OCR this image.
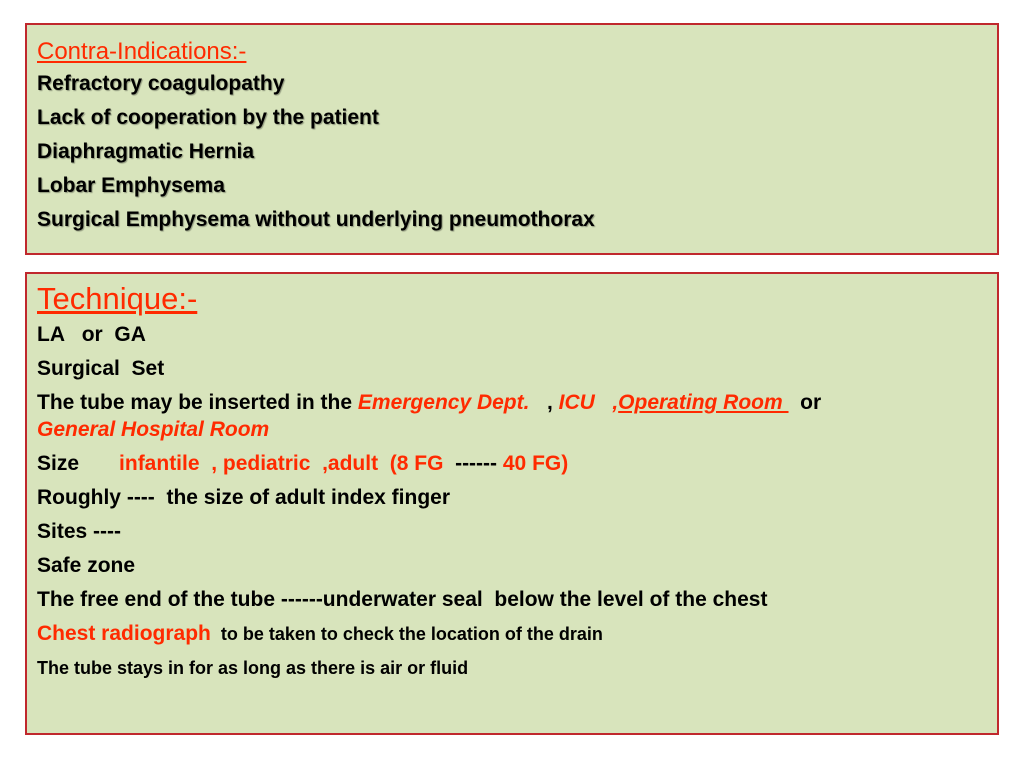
Contra-Indications:-
Refractory coagulopathy
Lack of cooperation by the patient
Diaphragmatic Hernia
Lobar Emphysema
Surgical Emphysema without underlying pneumothorax
Technique:-
LA   or  GA
Surgical  Set
The tube may be inserted in the Emergency Dept.   , ICU   ,Operating Room   or
General Hospital Room
Size infantile  , pediatric  ,adult  (8 FG  ------ 40 FG)
Roughly ----  the size of adult index finger
Sites ----
Safe zone
The free end of the tube ------underwater seal  below the level of the chest
Chest radiograph  to be taken to check the location of the drain
The tube stays in for as long as there is air or fluid
